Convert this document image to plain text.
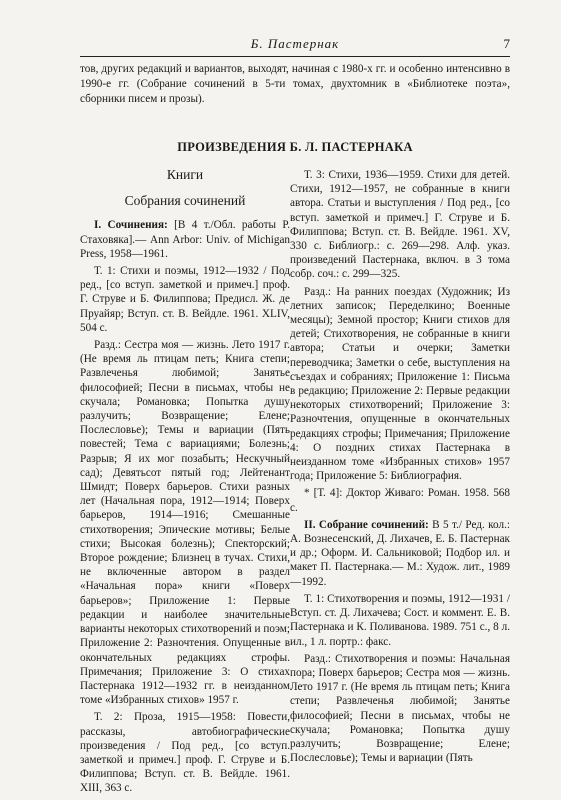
Б. Пастернак	7
тов, других редакций и вариантов, выходят, начиная с 1980-х гг. и особенно интенсивно в 1990-е гг. (Собрание сочинений в 5-ти томах, двухтомник в «Библиотеке поэта», сборники писем и прозы).
ПРОИЗВЕДЕНИЯ Б. Л. ПАСТЕРНАКА
Книги
Собрания сочинений

I. Сочинения: [В 4 т./Обл. работы Р. Стаховяка].— Ann Arbor: Univ. of Michigan Press, 1958—1961.

Т. 1: Стихи и поэмы, 1912—1932 / Под ред., [со вступ. заметкой и примеч.] проф. Г. Струве и Б. Филиппова; Предисл. Ж. де Пруайяр; Вступ. ст. В. Вейдле. 1961. XLIV, 504 с.

Разд.: Сестра моя — жизнь. Лето 1917 г. (Не время ль птицам петь; Книга степи; Развлеченья любимой; Занятье философией; Песни в письмах, чтобы не скучала; Романовка; Попытка душу разлучить; Возвращение; Елене; Послесловье); Темы и вариации (Пять повестей; Тема с вариациями; Болезнь; Разрыв; Я их мог позабыть; Нескучный сад); Девятьсот пятый год; Лейтенант Шмидт; Поверх барьеров. Стихи разных лет (Начальная пора, 1912—1914; Поверх барьеров, 1914—1916; Смешанные стихотворения; Эпические мотивы; Белые стихи; Высокая болезнь); Спекторский; Второе рождение; Близнец в тучах. Стихи, не включенные автором в раздел «Начальная пора» книги «Поверх барьеров»; Приложение 1: Первые редакции и наиболее значительные варианты некоторых стихотворений и поэм; Приложение 2: Разночтения. Опущенные в окончательных редакциях строфы. Примечания; Приложение 3: О стихах Пастернака 1912—1932 гг. в неизданном томе «Избранных стихов» 1957 г.

Т. 2: Проза, 1915—1958: Повести, рассказы, автобиографические произведения / Под ред., [со вступ. заметкой и примеч.] проф. Г. Струве и Б. Филиппова; Вступ. ст. В. Вейдле. 1961. XIII, 363 с.

Т. 3: Стихи, 1936—1959. Стихи для детей. Стихи, 1912—1957, не собранные в книги автора. Статьи и выступления / Под ред., [со вступ. заметкой и примеч.] Г. Струве и Б. Филиппова; Вступ. ст. В. Вейдле. 1961. XV, 330 с. Библиогр.: с. 269—298. Алф. указ. произведений Пастернака, включ. в 3 тома собр. соч.: с. 299—325.

Разд.: На ранних поездах (Художник; Из летних записок; Переделкино; Военные месяцы); Земной простор; Книги стихов для детей; Стихотворения, не собранные в книги автора; Статьи и очерки; Заметки переводчика; Заметки о себе, выступления на съездах и собраниях; Приложение 1: Письма в редакцию; Приложение 2: Первые редакции некоторых стихотворений; Приложение 3: Разночтения, опущенные в окончательных редакциях строфы; Примечания; Приложение 4: О поздних стихах Пастернака в неизданном томе «Избранных стихов» 1957 года; Приложение 5: Библиография.

* [Т. 4]: Доктор Живаго: Роман. 1958. 568 с.

II. Собрание сочинений: В 5 т./ Ред. кол.: А. Вознесенский, Д. Лихачев, Е. Б. Пастернак и др.; Оформ. И. Сальниковой; Подбор ил. и макет П. Пастернака.— М.: Худож. лит., 1989—1992.

Т. 1: Стихотворения и поэмы, 1912—1931 / Вступ. ст. Д. Лихачева; Сост. и коммент. Е. В. Пастернака и К. Поливанова. 1989. 751 с., 8 л. ил., 1 л. портр.: факс.

Разд.: Стихотворения и поэмы: Начальная пора; Поверх барьеров; Сестра моя — жизнь. Лето 1917 г. (Не время ль птицам петь; Книга степи; Развлеченья любимой; Занятье философией; Песни в письмах, чтобы не скучала; Романовка; Попытка душу разлучить; Возвращение; Елене; Послесловье); Темы и вариации (Пять
